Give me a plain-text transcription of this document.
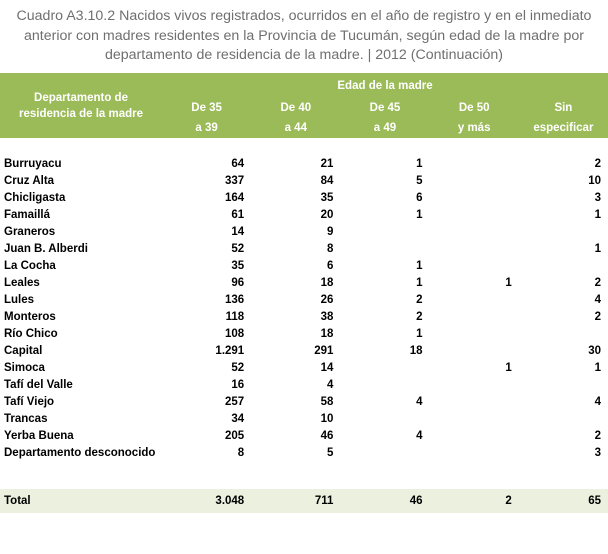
Cuadro A3.10.2 Nacidos vivos registrados, ocurridos en el año de registro y en el inmediato
anterior con madres residentes en la Provincia de Tucumán, según edad de la madre por
departamento de residencia de la madre. | 2012 (Continuación)
Departamento de
residencia de la madre	Edad de la madre				
	De 35	De 40	De 45	De 50	Sin
	a 39	a 44	a 49	y más	especificar

Burruyacu	64	21	1		2
Cruz Alta	337	84	5		10
Chicligasta	164	35	6		3
Famaillá	61	20	1		1
Graneros	14	9			
Juan B. Alberdi	52	8			1
La Cocha	35	6	1		
Leales	96	18	1	1	2
Lules	136	26	2		4
Monteros	118	38	2		2
Río Chico	108	18	1		
Capital	1.291	291	18		30
Simoca	52	14		1	1
Tafí del Valle	16	4			
Tafí Viejo	257	58	4		4
Trancas	34	10			
Yerba Buena	205	46	4		2
Departamento desconocido	8	5			3

Total	3.048	711	46	2	65
